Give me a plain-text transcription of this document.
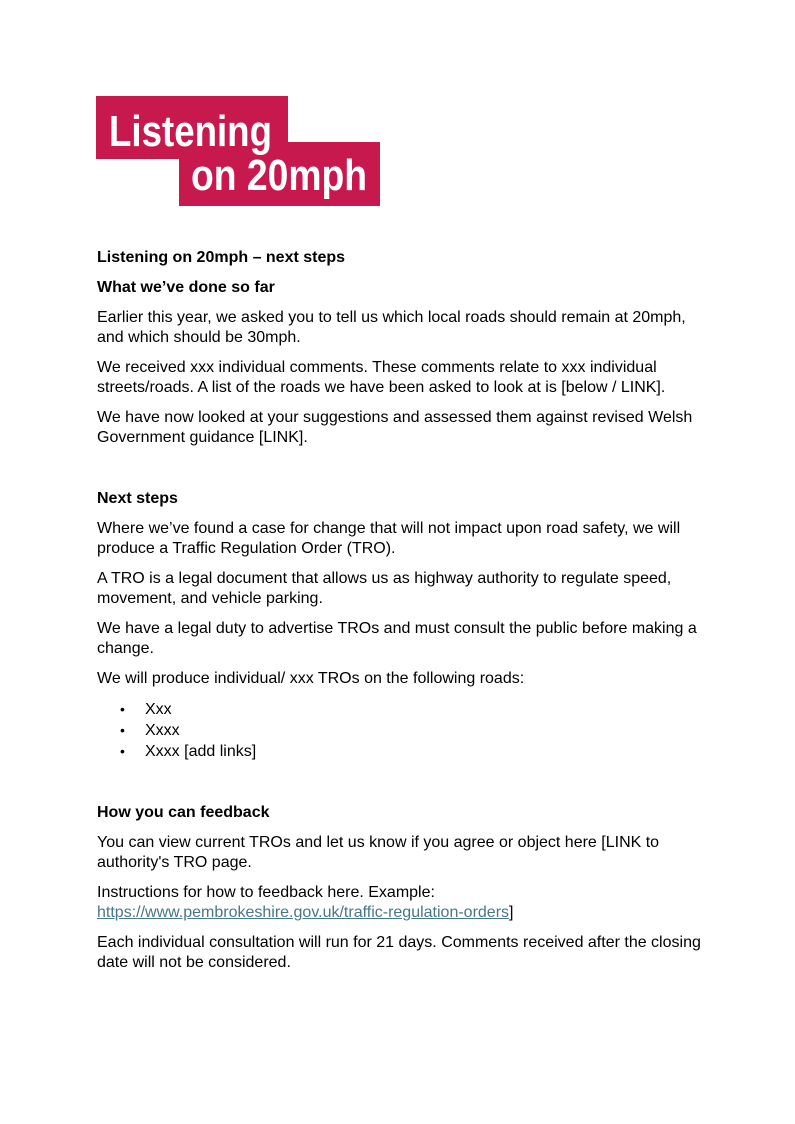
Listening
on 20mph

Listening on 20mph – next steps

What we’ve done so far

Earlier this year, we asked you to tell us which local roads should remain at 20mph, and which should be 30mph.

We received xxx individual comments. These comments relate to xxx individual streets/roads. A list of the roads we have been asked to look at is [below / LINK].

We have now looked at your suggestions and assessed them against revised Welsh Government guidance [LINK].

Next steps

Where we’ve found a case for change that will not impact upon road safety, we will produce a Traffic Regulation Order (TRO).

A TRO is a legal document that allows us as highway authority to regulate speed, movement, and vehicle parking.

We have a legal duty to advertise TROs and must consult the public before making a change.

We will produce individual/ xxx TROs on the following roads:

• Xxx
• Xxxx
• Xxxx [add links]

How you can feedback

You can view current TROs and let us know if you agree or object here [LINK to authority's TRO page.

Instructions for how to feedback here. Example:
https://www.pembrokeshire.gov.uk/traffic-regulation-orders]

Each individual consultation will run for 21 days. Comments received after the closing date will not be considered.
